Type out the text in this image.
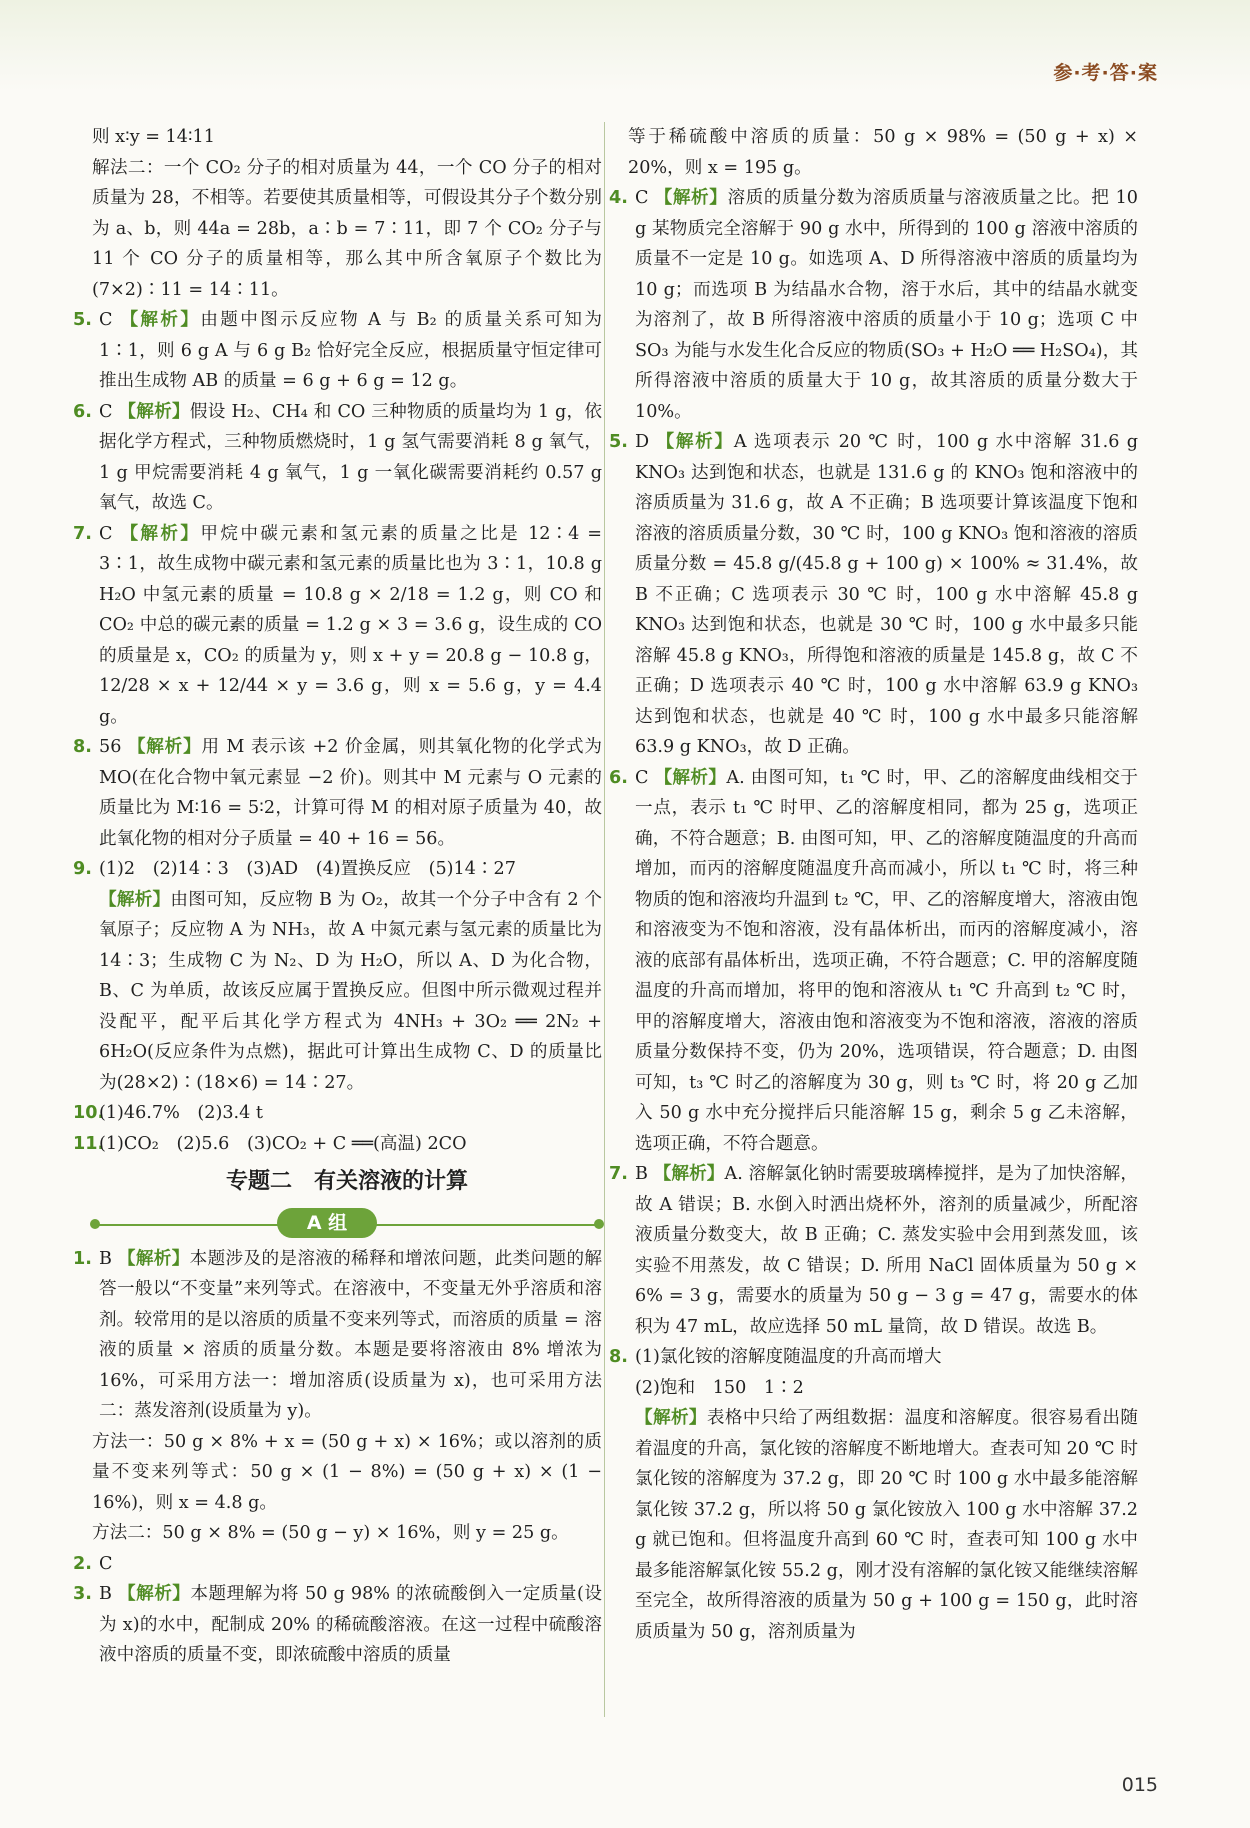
参·考·答·案

则 x∶y = 14∶11

解法二：一个 CO₂ 分子的相对质量为 44，一个 CO 分子的相对质量为 28，不相等。若要使其质量相等，可假设其分子个数分别为 a、b，则 44a = 28b，a∶b = 7∶11，即 7 个 CO₂ 分子与 11 个 CO 分子的质量相等，那么其中所含氧原子个数比为(7×2)∶11 = 14∶11。

5. C 【解析】由题中图示反应物 A 与 B₂ 的质量关系可知为 1∶1，则 6 g A 与 6 g B₂ 恰好完全反应，根据质量守恒定律可推出生成物 AB 的质量 = 6 g + 6 g = 12 g。

6. C 【解析】假设 H₂、CH₄ 和 CO 三种物质的质量均为 1 g，依据化学方程式，三种物质燃烧时，1 g 氢气需要消耗 8 g 氧气，1 g 甲烷需要消耗 4 g 氧气，1 g 一氧化碳需要消耗约 0.57 g 氧气，故选 C。

7. C 【解析】甲烷中碳元素和氢元素的质量之比是 12∶4 = 3∶1，故生成物中碳元素和氢元素的质量比也为 3∶1，10.8 g H₂O 中氢元素的质量 = 10.8 g × 2/18 = 1.2 g，则 CO 和 CO₂ 中总的碳元素的质量 = 1.2 g × 3 = 3.6 g，设生成的 CO 的质量是 x，CO₂ 的质量为 y，则 x + y = 20.8 g − 10.8 g，12/28 × x + 12/44 × y = 3.6 g，则 x = 5.6 g，y = 4.4 g。

8. 56 【解析】用 M 表示该 +2 价金属，则其氧化物的化学式为 MO(在化合物中氧元素显 −2 价)。则其中 M 元素与 O 元素的质量比为 M∶16 = 5∶2，计算可得 M 的相对原子质量为 40，故此氧化物的相对分子质量 = 40 + 16 = 56。

9. (1)2　(2)14∶3　(3)AD　(4)置换反应　(5)14∶27

【解析】由图可知，反应物 B 为 O₂，故其一个分子中含有 2 个氧原子；反应物 A 为 NH₃，故 A 中氮元素与氢元素的质量比为 14∶3；生成物 C 为 N₂、D 为 H₂O，所以 A、D 为化合物，B、C 为单质，故该反应属于置换反应。但图中所示微观过程并没配平，配平后其化学方程式为 4NH₃ + 3O₂ ══ 2N₂ + 6H₂O(反应条件为点燃)，据此可计算出生成物 C、D 的质量比为(28×2)∶(18×6) = 14∶27。

10.(1)46.7%　(2)3.4 t

11.(1)CO₂　(2)5.6　(3)CO₂ + C ══(高温) 2CO

专题二　有关溶液的计算
A 组

1. B 【解析】本题涉及的是溶液的稀释和增浓问题，此类问题的解答一般以“不变量”来列等式。在溶液中，不变量无外乎溶质和溶剂。较常用的是以溶质的质量不变来列等式，而溶质的质量 = 溶液的质量 × 溶质的质量分数。本题是要将溶液由 8% 增浓为 16%，可采用方法一：增加溶质(设质量为 x)，也可采用方法二：蒸发溶剂(设质量为 y)。

方法一：50 g × 8% + x = (50 g + x) × 16%；或以溶剂的质量不变来列等式：50 g × (1 − 8%) = (50 g + x) × (1 − 16%)，则 x = 4.8 g。

方法二：50 g × 8% = (50 g − y) × 16%，则 y = 25 g。

2. C

3. B 【解析】本题理解为将 50 g 98% 的浓硫酸倒入一定质量(设为 x)的水中，配制成 20% 的稀硫酸溶液。在这一过程中硫酸溶液中溶质的质量不变，即浓硫酸中溶质的质量

等于稀硫酸中溶质的质量：50 g × 98% = (50 g + x) × 20%，则 x = 195 g。

4. C 【解析】溶质的质量分数为溶质质量与溶液质量之比。把 10 g 某物质完全溶解于 90 g 水中，所得到的 100 g 溶液中溶质的质量不一定是 10 g。如选项 A、D 所得溶液中溶质的质量均为 10 g；而选项 B 为结晶水合物，溶于水后，其中的结晶水就变为溶剂了，故 B 所得溶液中溶质的质量小于 10 g；选项 C 中 SO₃ 为能与水发生化合反应的物质(SO₃ + H₂O ══ H₂SO₄)，其所得溶液中溶质的质量大于 10 g，故其溶质的质量分数大于 10%。

5. D 【解析】A 选项表示 20 ℃ 时，100 g 水中溶解 31.6 g KNO₃ 达到饱和状态，也就是 131.6 g 的 KNO₃ 饱和溶液中的溶质质量为 31.6 g，故 A 不正确；B 选项要计算该温度下饱和溶液的溶质质量分数，30 ℃ 时，100 g KNO₃ 饱和溶液的溶质质量分数 = 45.8 g/(45.8 g + 100 g) × 100% ≈ 31.4%，故 B 不正确；C 选项表示 30 ℃ 时，100 g 水中溶解 45.8 g KNO₃ 达到饱和状态，也就是 30 ℃ 时，100 g 水中最多只能溶解 45.8 g KNO₃，所得饱和溶液的质量是 145.8 g，故 C 不正确；D 选项表示 40 ℃ 时，100 g 水中溶解 63.9 g KNO₃ 达到饱和状态，也就是 40 ℃ 时，100 g 水中最多只能溶解 63.9 g KNO₃，故 D 正确。

6. C 【解析】A. 由图可知，t₁ ℃ 时，甲、乙的溶解度曲线相交于一点，表示 t₁ ℃ 时甲、乙的溶解度相同，都为 25 g，选项正确，不符合题意；B. 由图可知，甲、乙的溶解度随温度的升高而增加，而丙的溶解度随温度升高而减小，所以 t₁ ℃ 时，将三种物质的饱和溶液均升温到 t₂ ℃，甲、乙的溶解度增大，溶液由饱和溶液变为不饱和溶液，没有晶体析出，而丙的溶解度减小，溶液的底部有晶体析出，选项正确，不符合题意；C. 甲的溶解度随温度的升高而增加，将甲的饱和溶液从 t₁ ℃ 升高到 t₂ ℃ 时，甲的溶解度增大，溶液由饱和溶液变为不饱和溶液，溶液的溶质质量分数保持不变，仍为 20%，选项错误，符合题意；D. 由图可知，t₃ ℃ 时乙的溶解度为 30 g，则 t₃ ℃ 时，将 20 g 乙加入 50 g 水中充分搅拌后只能溶解 15 g，剩余 5 g 乙未溶解，选项正确，不符合题意。

7. B 【解析】A. 溶解氯化钠时需要玻璃棒搅拌，是为了加快溶解，故 A 错误；B. 水倒入时洒出烧杯外，溶剂的质量减少，所配溶液质量分数变大，故 B 正确；C. 蒸发实验中会用到蒸发皿，该实验不用蒸发，故 C 错误；D. 所用 NaCl 固体质量为 50 g × 6% = 3 g，需要水的质量为 50 g − 3 g = 47 g，需要水的体积为 47 mL，故应选择 50 mL 量筒，故 D 错误。故选 B。

8. (1)氯化铵的溶解度随温度的升高而增大

(2)饱和　150　1∶2

【解析】表格中只给了两组数据：温度和溶解度。很容易看出随着温度的升高，氯化铵的溶解度不断地增大。查表可知 20 ℃ 时氯化铵的溶解度为 37.2 g，即 20 ℃ 时 100 g 水中最多能溶解氯化铵 37.2 g，所以将 50 g 氯化铵放入 100 g 水中溶解 37.2 g 就已饱和。但将温度升高到 60 ℃ 时，查表可知 100 g 水中最多能溶解氯化铵 55.2 g，刚才没有溶解的氯化铵又能继续溶解至完全，故所得溶液的质量为 50 g + 100 g = 150 g，此时溶质质量为 50 g，溶剂质量为

015
